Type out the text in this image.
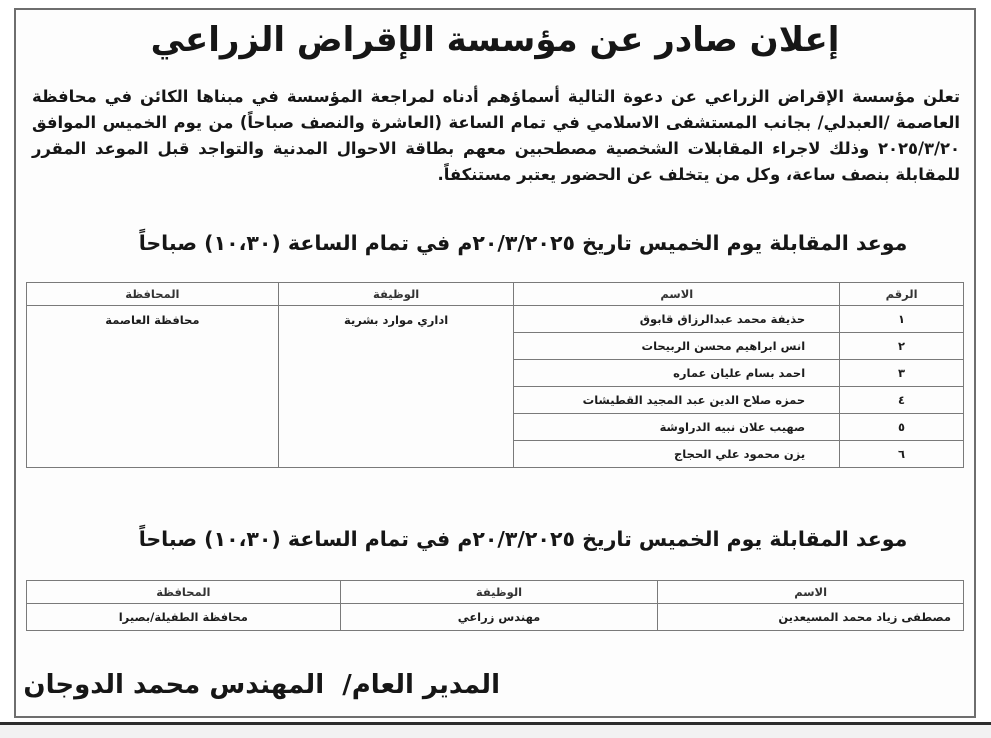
إعلان صادر عن مؤسسة الإقراض الزراعي
تعلن مؤسسة الإقراض الزراعي عن دعوة التالية أسماؤهم أدناه لمراجعة المؤسسة في مبناها الكائن في محافظة العاصمة /العبدلي/ بجانب المستشفى الاسلامي في تمام الساعة (العاشرة والنصف صباحاً) من يوم الخميس الموافق ٢٠٢٥/٣/٢٠ وذلك لاجراء المقابلات الشخصية مصطحبين معهم بطاقة الاحوال المدنية والتواجد قبل الموعد المقرر للمقابلة بنصف ساعة، وكل من يتخلف عن الحضور يعتبر مستنكفاً.
موعد المقابلة يوم الخميس تاريخ ٢٠/٣/٢٠٢٥م في تمام الساعة (١٠،٣٠) صباحاً
الرقم	الاسم	الوظيفة	المحافظة
١	حذيفة محمد عبدالرزاق قابوق	اداري موارد بشرية	محافظة العاصمة
٢	انس ابراهيم محسن الربيحات		
٣	احمد بسام عليان عماره		
٤	حمزه صلاح الدين عبد المجيد القطيشات		
٥	صهيب علان نبيه الدراوشة		
٦	يزن محمود علي الحجاج		
موعد المقابلة يوم الخميس تاريخ ٢٠/٣/٢٠٢٥م في تمام الساعة (١٠،٣٠) صباحاً
الاسم	الوظيفة	المحافظة
مصطفى زياد محمد المسيعدين	مهندس زراعي	محافظة الطفيلة/بصيرا
المدير العام/  المهندس محمد الدوجان
